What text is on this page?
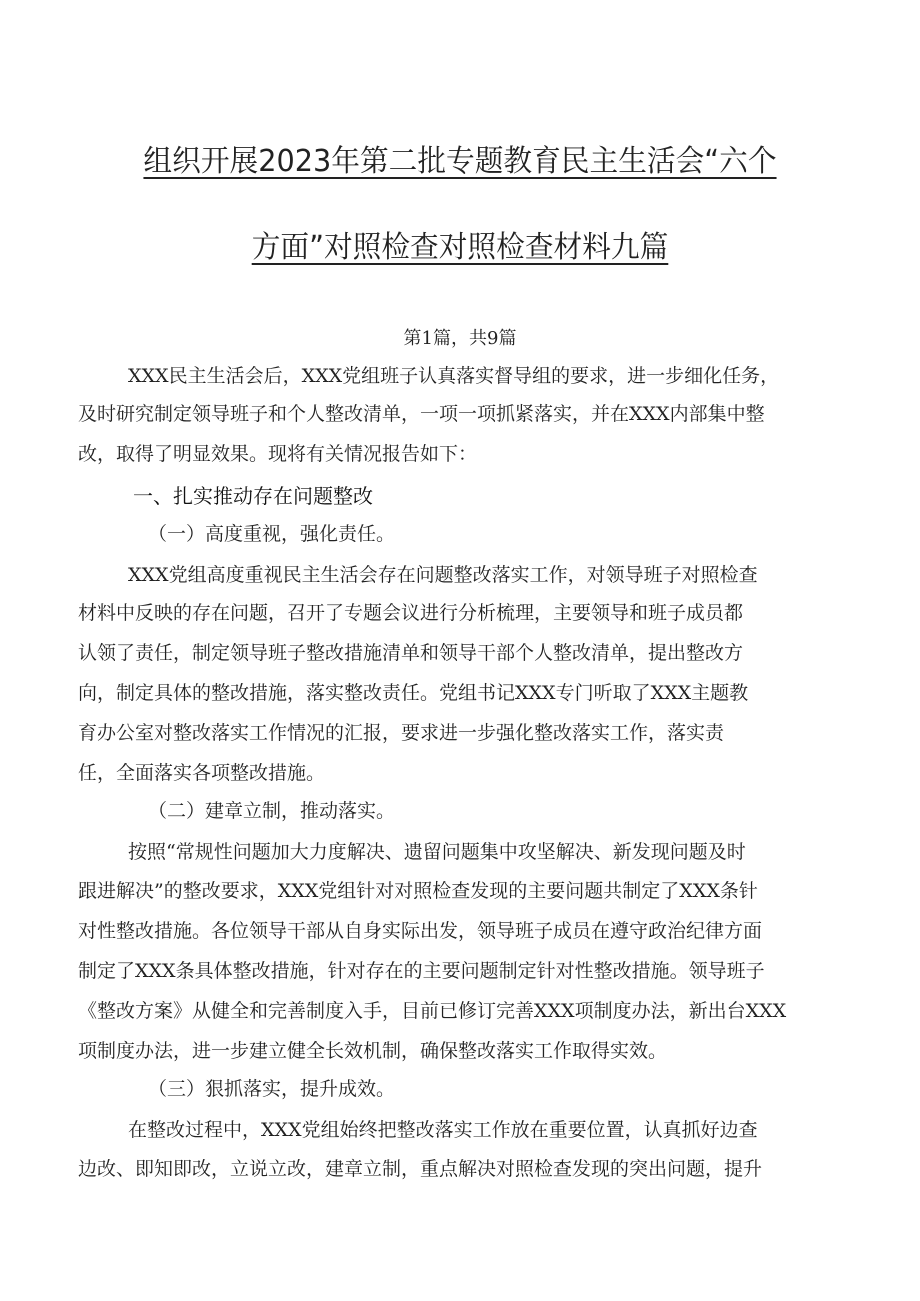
组织开展2023年第二批专题教育民主生活会“六个
方面”对照检查对照检查材料九篇
第1篇，共9篇
XXX民主生活会后，XXX党组班子认真落实督导组的要求，进一步细化任务，
及时研究制定领导班子和个人整改清单，一项一项抓紧落实，并在XXX内部集中整
改，取得了明显效果。现将有关情况报告如下：
一、扎实推动存在问题整改
（一）高度重视，强化责任。
XXX党组高度重视民主生活会存在问题整改落实工作，对领导班子对照检查
材料中反映的存在问题，召开了专题会议进行分析梳理，主要领导和班子成员都
认领了责任，制定领导班子整改措施清单和领导干部个人整改清单，提出整改方
向，制定具体的整改措施，落实整改责任。党组书记XXX专门听取了XXX主题教
育办公室对整改落实工作情况的汇报，要求进一步强化整改落实工作，落实责
任，全面落实各项整改措施。
（二）建章立制，推动落实。
按照“常规性问题加大力度解决、遗留问题集中攻坚解决、新发现问题及时
跟进解决”的整改要求，XXX党组针对对照检查发现的主要问题共制定了XXX条针
对性整改措施。各位领导干部从自身实际出发，领导班子成员在遵守政治纪律方面
制定了XXX条具体整改措施，针对存在的主要问题制定针对性整改措施。领导班子
《整改方案》从健全和完善制度入手，目前已修订完善XXX项制度办法，新出台XXX
项制度办法，进一步建立健全长效机制，确保整改落实工作取得实效。
（三）狠抓落实，提升成效。
在整改过程中，XXX党组始终把整改落实工作放在重要位置，认真抓好边查
边改、即知即改，立说立改，建章立制，重点解决对照检查发现的突出问题，提升
